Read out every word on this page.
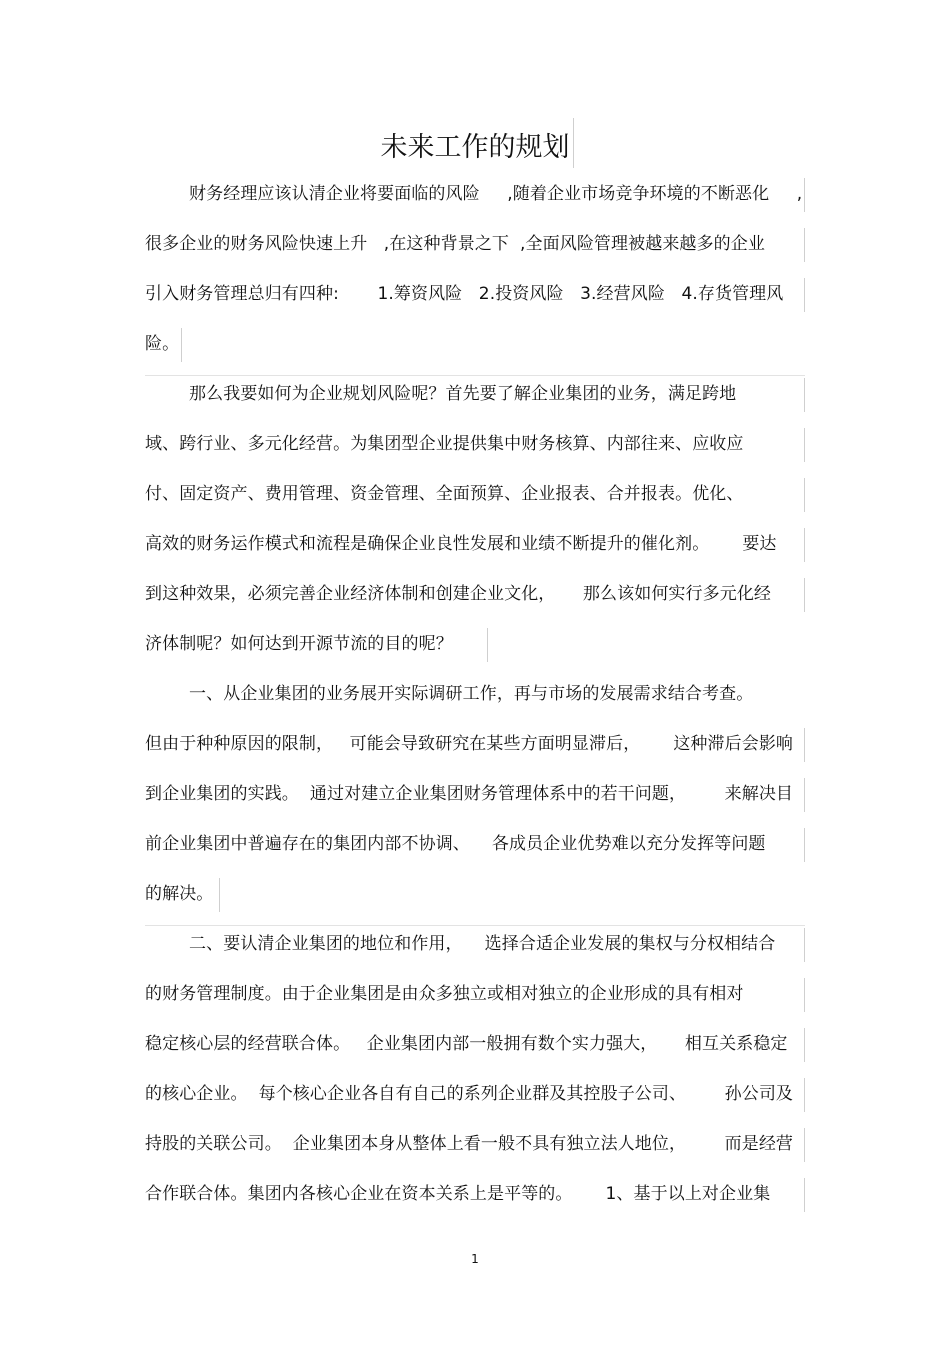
未来工作的规划
财务经理应该认清企业将要面临的风险     ,随着企业市场竞争环境的不断恶化     ,
很多企业的财务风险快速上升   ,在这种背景之下  ,全面风险管理被越来越多的企业
引入财务管理总归有四种:       1.筹资风险   2.投资风险   3.经营风险   4.存货管理风
险。
那么我要如何为企业规划风险呢？首先要了解企业集团的业务，满足跨地
域、跨行业、多元化经营。为集团型企业提供集中财务核算、内部往来、应收应
付、固定资产、费用管理、资金管理、全面预算、企业报表、合并报表。优化、
高效的财务运作模式和流程是确保企业良性发展和业绩不断提升的催化剂。      要达
到这种效果，必须完善企业经济体制和创建企业文化，     那么该如何实行多元化经
济体制呢？如何达到开源节流的目的呢？
一、从企业集团的业务展开实际调研工作，再与市场的发展需求结合考查。
但由于种种原因的限制，   可能会导致研究在某些方面明显滞后，      这种滞后会影响
到企业集团的实践。  通过对建立企业集团财务管理体系中的若干问题，       来解决目
前企业集团中普遍存在的集团内部不协调、    各成员企业优势难以充分发挥等问题
的解决。
二、要认清企业集团的地位和作用，    选择合适企业发展的集权与分权相结合
的财务管理制度。由于企业集团是由众多独立或相对独立的企业形成的具有相对
稳定核心层的经营联合体。   企业集团内部一般拥有数个实力强大，     相互关系稳定
的核心企业。  每个核心企业各自有自己的系列企业群及其控股子公司、       孙公司及
持股的关联公司。  企业集团本身从整体上看一般不具有独立法人地位，       而是经营
合作联合体。集团内各核心企业在资本关系上是平等的。      1、基于以上对企业集
1
